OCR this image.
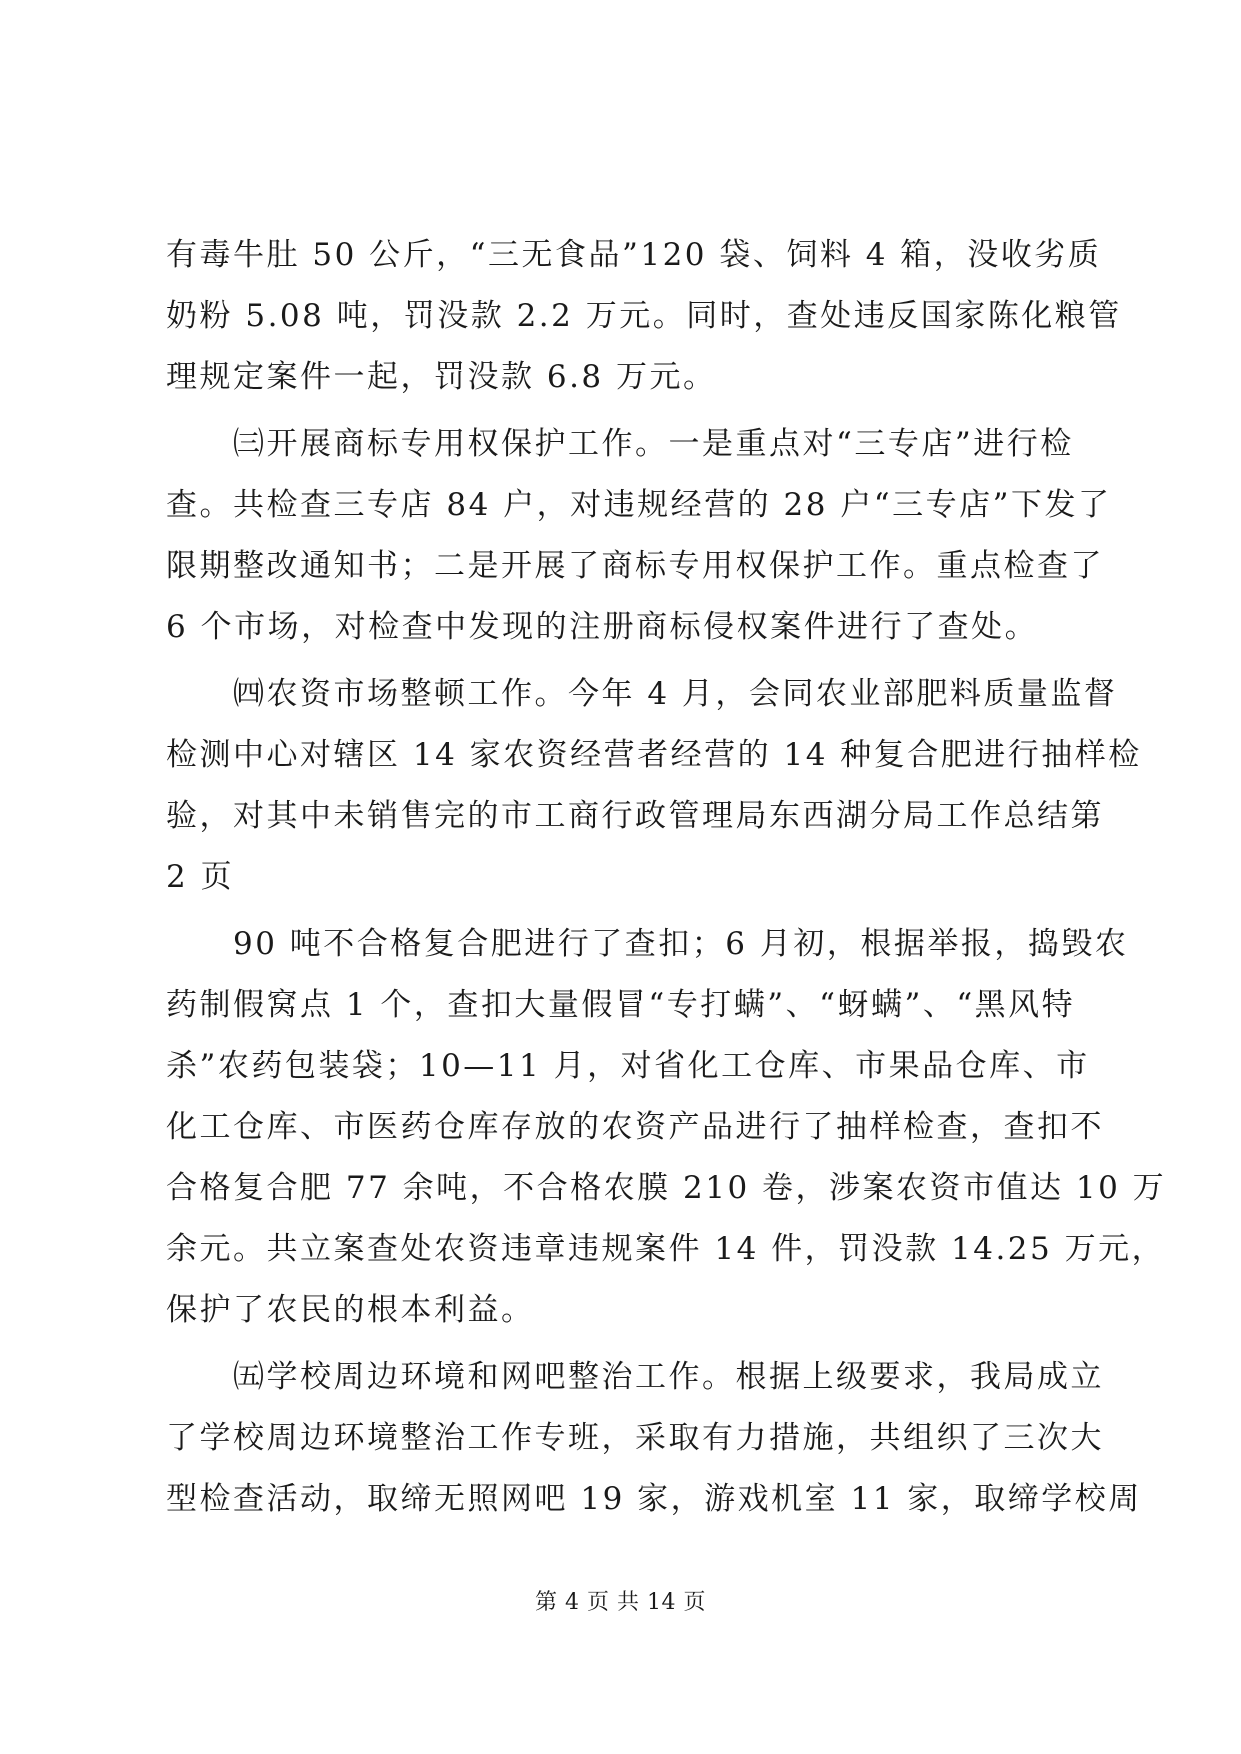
有毒牛肚 50 公斤，“三无食品”120 袋、饲料 4 箱，没收劣质
奶粉 5.08 吨，罚没款 2.2 万元。同时，查处违反国家陈化粮管
理规定案件一起，罚没款 6.8 万元。
　　㈢开展商标专用权保护工作。一是重点对“三专店”进行检
查。共检查三专店 84 户，对违规经营的 28 户“三专店”下发了
限期整改通知书；二是开展了商标专用权保护工作。重点检查了
6 个市场，对检查中发现的注册商标侵权案件进行了查处。
　　㈣农资市场整顿工作。今年 4 月，会同农业部肥料质量监督
检测中心对辖区 14 家农资经营者经营的 14 种复合肥进行抽样检
验，对其中未销售完的市工商行政管理局东西湖分局工作总结第
2 页
　　90 吨不合格复合肥进行了查扣；6 月初，根据举报，捣毁农
药制假窝点 1 个，查扣大量假冒“专打螨”、“蚜螨”、“黑风特
杀”农药包装袋；10—11 月，对省化工仓库、市果品仓库、市
化工仓库、市医药仓库存放的农资产品进行了抽样检查，查扣不
合格复合肥 77 余吨，不合格农膜 210 卷，涉案农资市值达 10 万
余元。共立案查处农资违章违规案件 14 件，罚没款 14.25 万元，
保护了农民的根本利益。
　　㈤学校周边环境和网吧整治工作。根据上级要求，我局成立
了学校周边环境整治工作专班，采取有力措施，共组织了三次大
型检查活动，取缔无照网吧 19 家，游戏机室 11 家，取缔学校周
第 4 页 共 14 页
